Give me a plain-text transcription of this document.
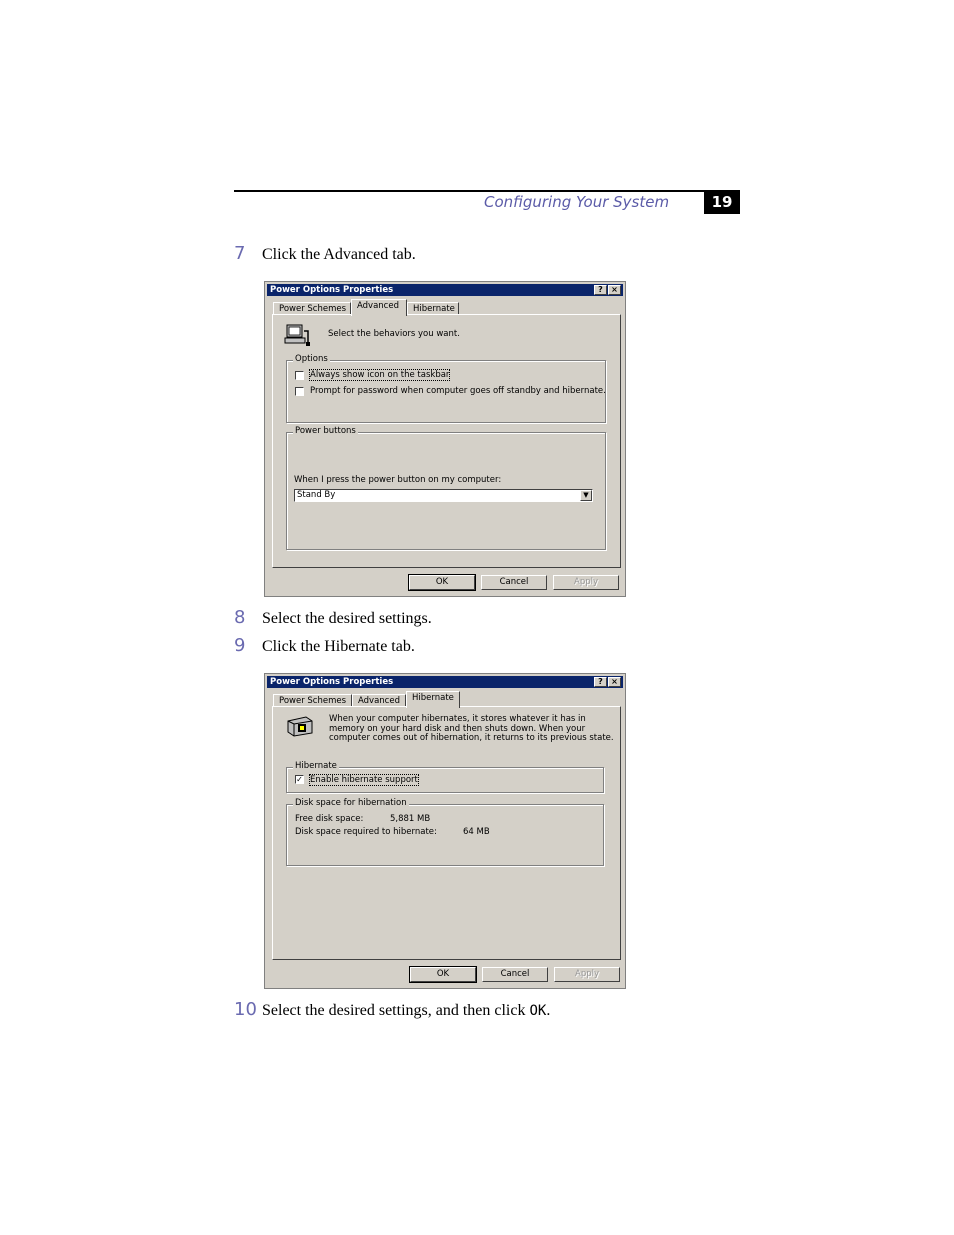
Configuring Your System	19
7 Click the Advanced tab.
Power Options Properties	?	×
Power Schemes	Advanced	Hibernate
Select the behaviors you want.
Options
Always show icon on the taskbar
Prompt for password when computer goes off standby and hibernate.
Power buttons
When I press the power button on my computer:
Stand By	▼
OK	Cancel	Apply
8 Select the desired settings.
9 Click the Hibernate tab.
Power Options Properties	?	×
Power Schemes	Advanced	Hibernate
When your computer hibernates, it stores whatever it has in memory on your hard disk and then shuts down. When your computer comes out of hibernation, it returns to its previous state.
Hibernate
✓ Enable hibernate support
Disk space for hibernation
Free disk space:	5,881 MB
Disk space required to hibernate:	64 MB
OK	Cancel	Apply
10 Select the desired settings, and then click OK.
